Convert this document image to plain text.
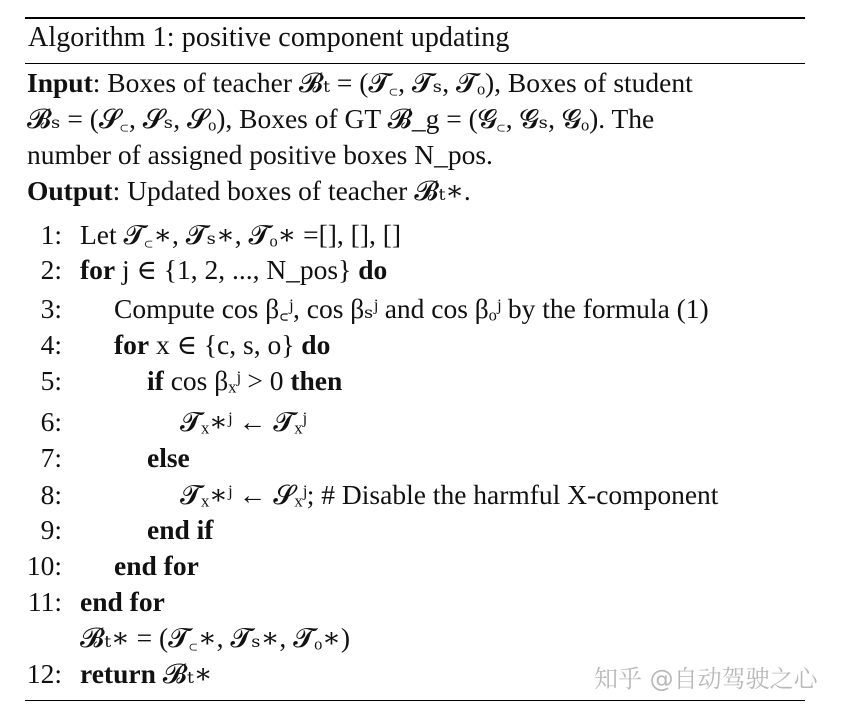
Algorithm 1: positive component updating
Input: Boxes of teacher 𝓑ₜ = (𝓣꜀, 𝓣ₛ, 𝓣ₒ), Boxes of student
𝓑ₛ = (𝓢꜀, 𝓢ₛ, 𝓢ₒ), Boxes of GT 𝓑_g = (𝓖꜀, 𝓖ₛ, 𝓖ₒ). The
number of assigned positive boxes N_pos.
Output: Updated boxes of teacher 𝓑ₜ∗.
1: Let 𝓣꜀∗, 𝓣ₛ∗, 𝓣ₒ∗ =[], [], []
2: for j ∈ {1, 2, ..., N_pos} do
3: Compute cos β꜀ʲ, cos βₛʲ and cos βₒʲ by the formula (1)
4: for x ∈ {c, s, o} do
5:	if cos βₓʲ > 0 then
6:	𝓣ₓ∗ʲ ← 𝓣ₓʲ
7:	else
8:	𝓣ₓ∗ʲ ← 𝓢ₓʲ; # Disable the harmful X-component
9:	end if
10: end for
11: end for
𝓑ₜ∗ = (𝓣꜀∗, 𝓣ₛ∗, 𝓣ₒ∗)
12: return 𝓑ₜ∗	知乎 @自动驾驶之心
